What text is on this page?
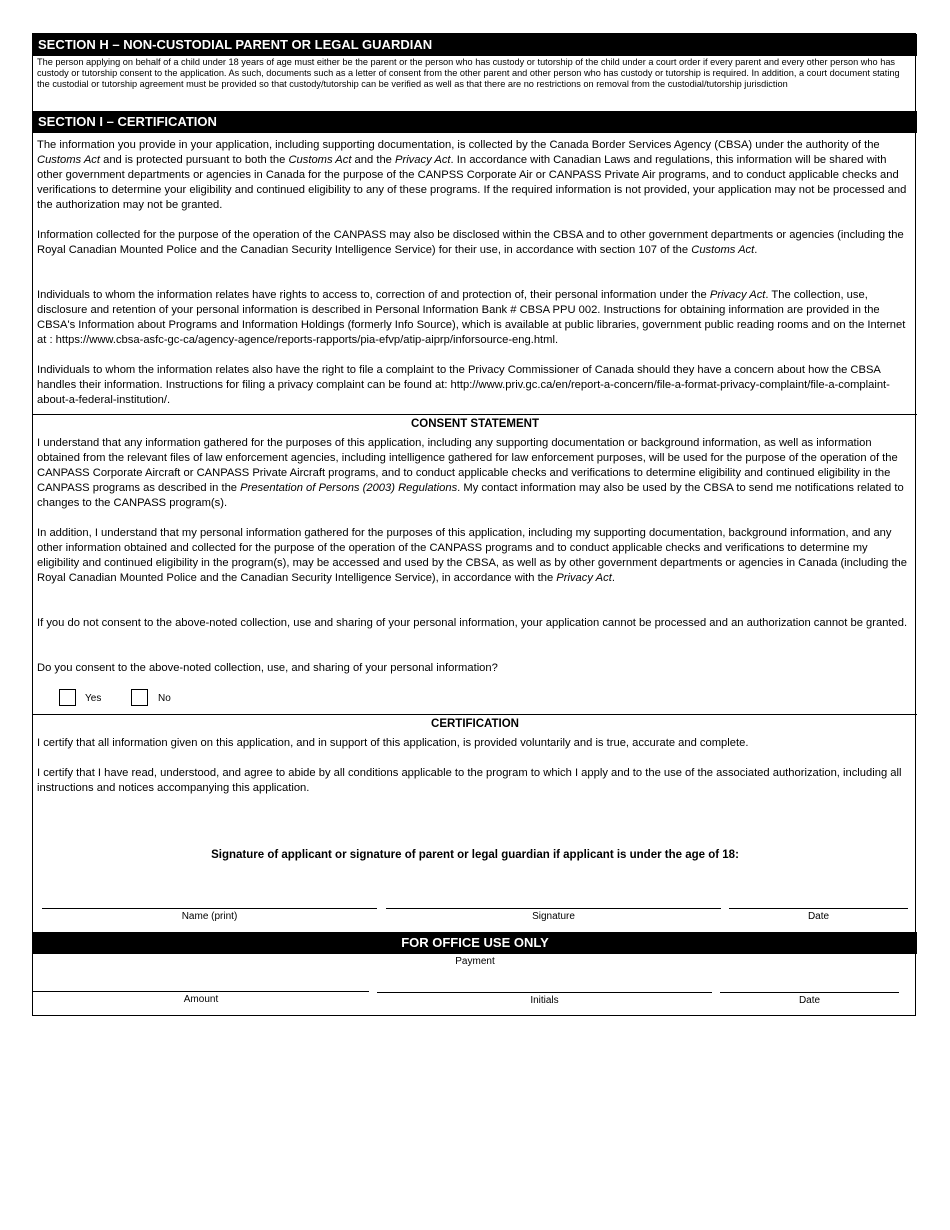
SECTION H – NON-CUSTODIAL PARENT OR LEGAL GUARDIAN
The person applying on behalf of a child under 18 years of age must either be the parent or the person who has custody or tutorship of the child under a court order if every parent and every other person who has custody or tutorship consent to the application. As such, documents such as a letter of consent from the other parent and other person who has custody or tutorship is required. In addition, a court document stating the custodial or tutorship agreement must be provided so that custody/tutorship can be verified as well as that there are no restrictions on removal from the custodial/tutorship jurisdiction
SECTION I – CERTIFICATION

The information you provide in your application, including supporting documentation, is collected by the Canada Border Services Agency (CBSA) under the authority of the Customs Act and is protected pursuant to both the Customs Act and the Privacy Act. In accordance with Canadian Laws and regulations, this information will be shared with other government departments or agencies in Canada for the purpose of the CANPSS Corporate Air or CANPASS Private Air programs, and to conduct applicable checks and verifications to determine your eligibility and continued eligibility to any of these programs. If the required information is not provided, your application may not be processed and the authorization may not be granted.

Information collected for the purpose of the operation of the CANPASS may also be disclosed within the CBSA and to other government departments or agencies (including the Royal Canadian Mounted Police and the Canadian Security Intelligence Service) for their use, in accordance with section 107 of the Customs Act.

Individuals to whom the information relates have rights to access to, correction of and protection of, their personal information under the Privacy Act. The collection, use, disclosure and retention of your personal information is described in Personal Information Bank # CBSA PPU 002. Instructions for obtaining information are provided in the CBSA's Information about Programs and Information Holdings (formerly Info Source), which is available at public libraries, government public reading rooms and on the Internet at : https://www.cbsa-asfc-gc-ca/agency-agence/reports-rapports/pia-efvp/atip-aiprp/inforsource-eng.html.

Individuals to whom the information relates also have the right to file a complaint to the Privacy Commissioner of Canada should they have a concern about how the CBSA handles their information. Instructions for filing a privacy complaint can be found at: http://www.priv.gc.ca/en/report-a-concern/file-a-format-privacy-complaint/file-a-complaint-about-a-federal-institution/.
CONSENT STATEMENT

I understand that any information gathered for the purposes of this application, including any supporting documentation or background information, as well as information obtained from the relevant files of law enforcement agencies, including intelligence gathered for law enforcement purposes, will be used for the purpose of the operation of the CANPASS Corporate Aircraft or CANPASS Private Aircraft programs, and to conduct applicable checks and verifications to determine eligibility and continued eligibility in the CANPASS programs as described in the Presentation of Persons (2003) Regulations. My contact information may also be used by the CBSA to send me notifications related to changes to the CANPASS program(s).

In addition, I understand that my personal information gathered for the purposes of this application, including my supporting documentation, background information, and any other information obtained and collected for the purpose of the operation of the CANPASS programs and to conduct applicable checks and verifications to determine my eligibility and continued eligibility in the program(s), may be accessed and used by the CBSA, as well as by other government departments or agencies in Canada (including the Royal Canadian Mounted Police and the Canadian Security Intelligence Service), in accordance with the Privacy Act.

If you do not consent to the above-noted collection, use and sharing of your personal information, your application cannot be processed and an authorization cannot be granted.
Do you consent to the above-noted collection, use, and sharing of your personal information?
Yes	No
CERTIFICATION
I certify that all information given on this application, and in support of this application, is provided voluntarily and is true, accurate and complete.
I certify that I have read, understood, and agree to abide by all conditions applicable to the program to which I apply and to the use of the associated authorization, including all instructions and notices accompanying this application.
Signature of applicant or signature of parent or legal guardian if applicant is under the age of 18:
Name (print)	Signature	Date
FOR OFFICE USE ONLY
Payment
Amount	Initials	Date
